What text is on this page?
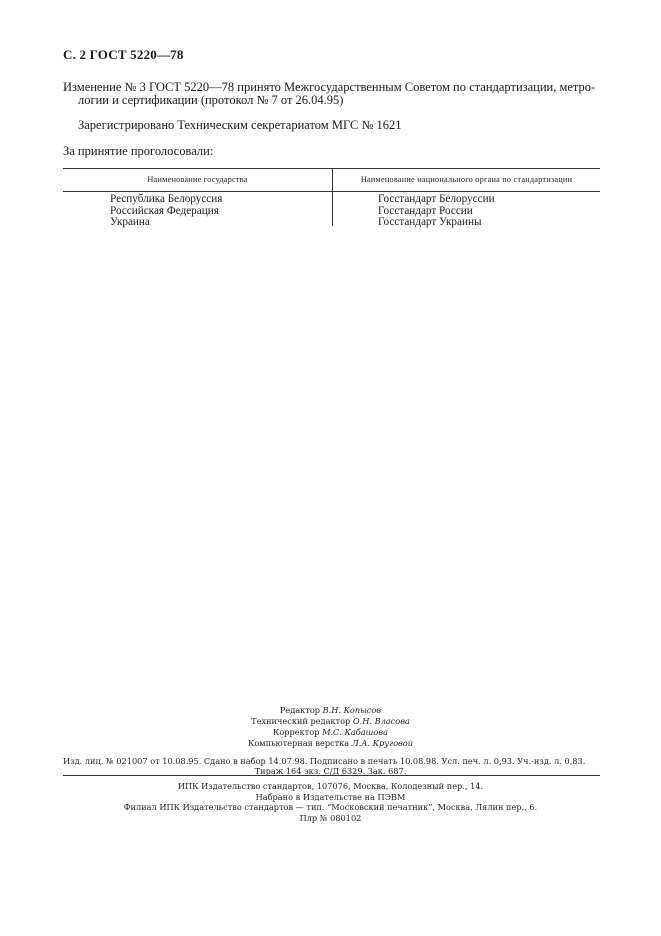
С. 2 ГОСТ 5220—78
Изменение № 3 ГОСТ 5220—78 принято Межгосударственным Советом по стандартизации, метро-
логии и сертификации (протокол № 7 от 26.04.95)
Зарегистрировано Техническим секретариатом МГС № 1621
За принятие проголосовали:
Наименование государства	Наименование национального органа по стандартизации
Республика Белоруссия
Российская Федерация
Украина
Госстандарт Белоруссии
Госстандарт России
Госстандарт Украины
Редактор В.Н. Копысов
Технический редактор О.Н. Власова
Корректор М.С. Кабашова
Компьютерная верстка Л.А. Круговой
Изд. лиц. № 021007 от 10.08.95. Сдано в набор 14.07.98. Подписано в печать 10.08.98. Усл. печ. л. 0,93. Уч.-изд. л. 0,83.
Тираж 164 экз. С/Д 6329. Зак. 687.
ИПК Издательство стандартов, 107076, Москва, Колодезный пер., 14.
Набрано в Издательстве на ПЭВМ
Филиал ИПК Издательство стандартов — тип. “Московский печатник”, Москва, Лялин пер., 6.
Плр № 080102
